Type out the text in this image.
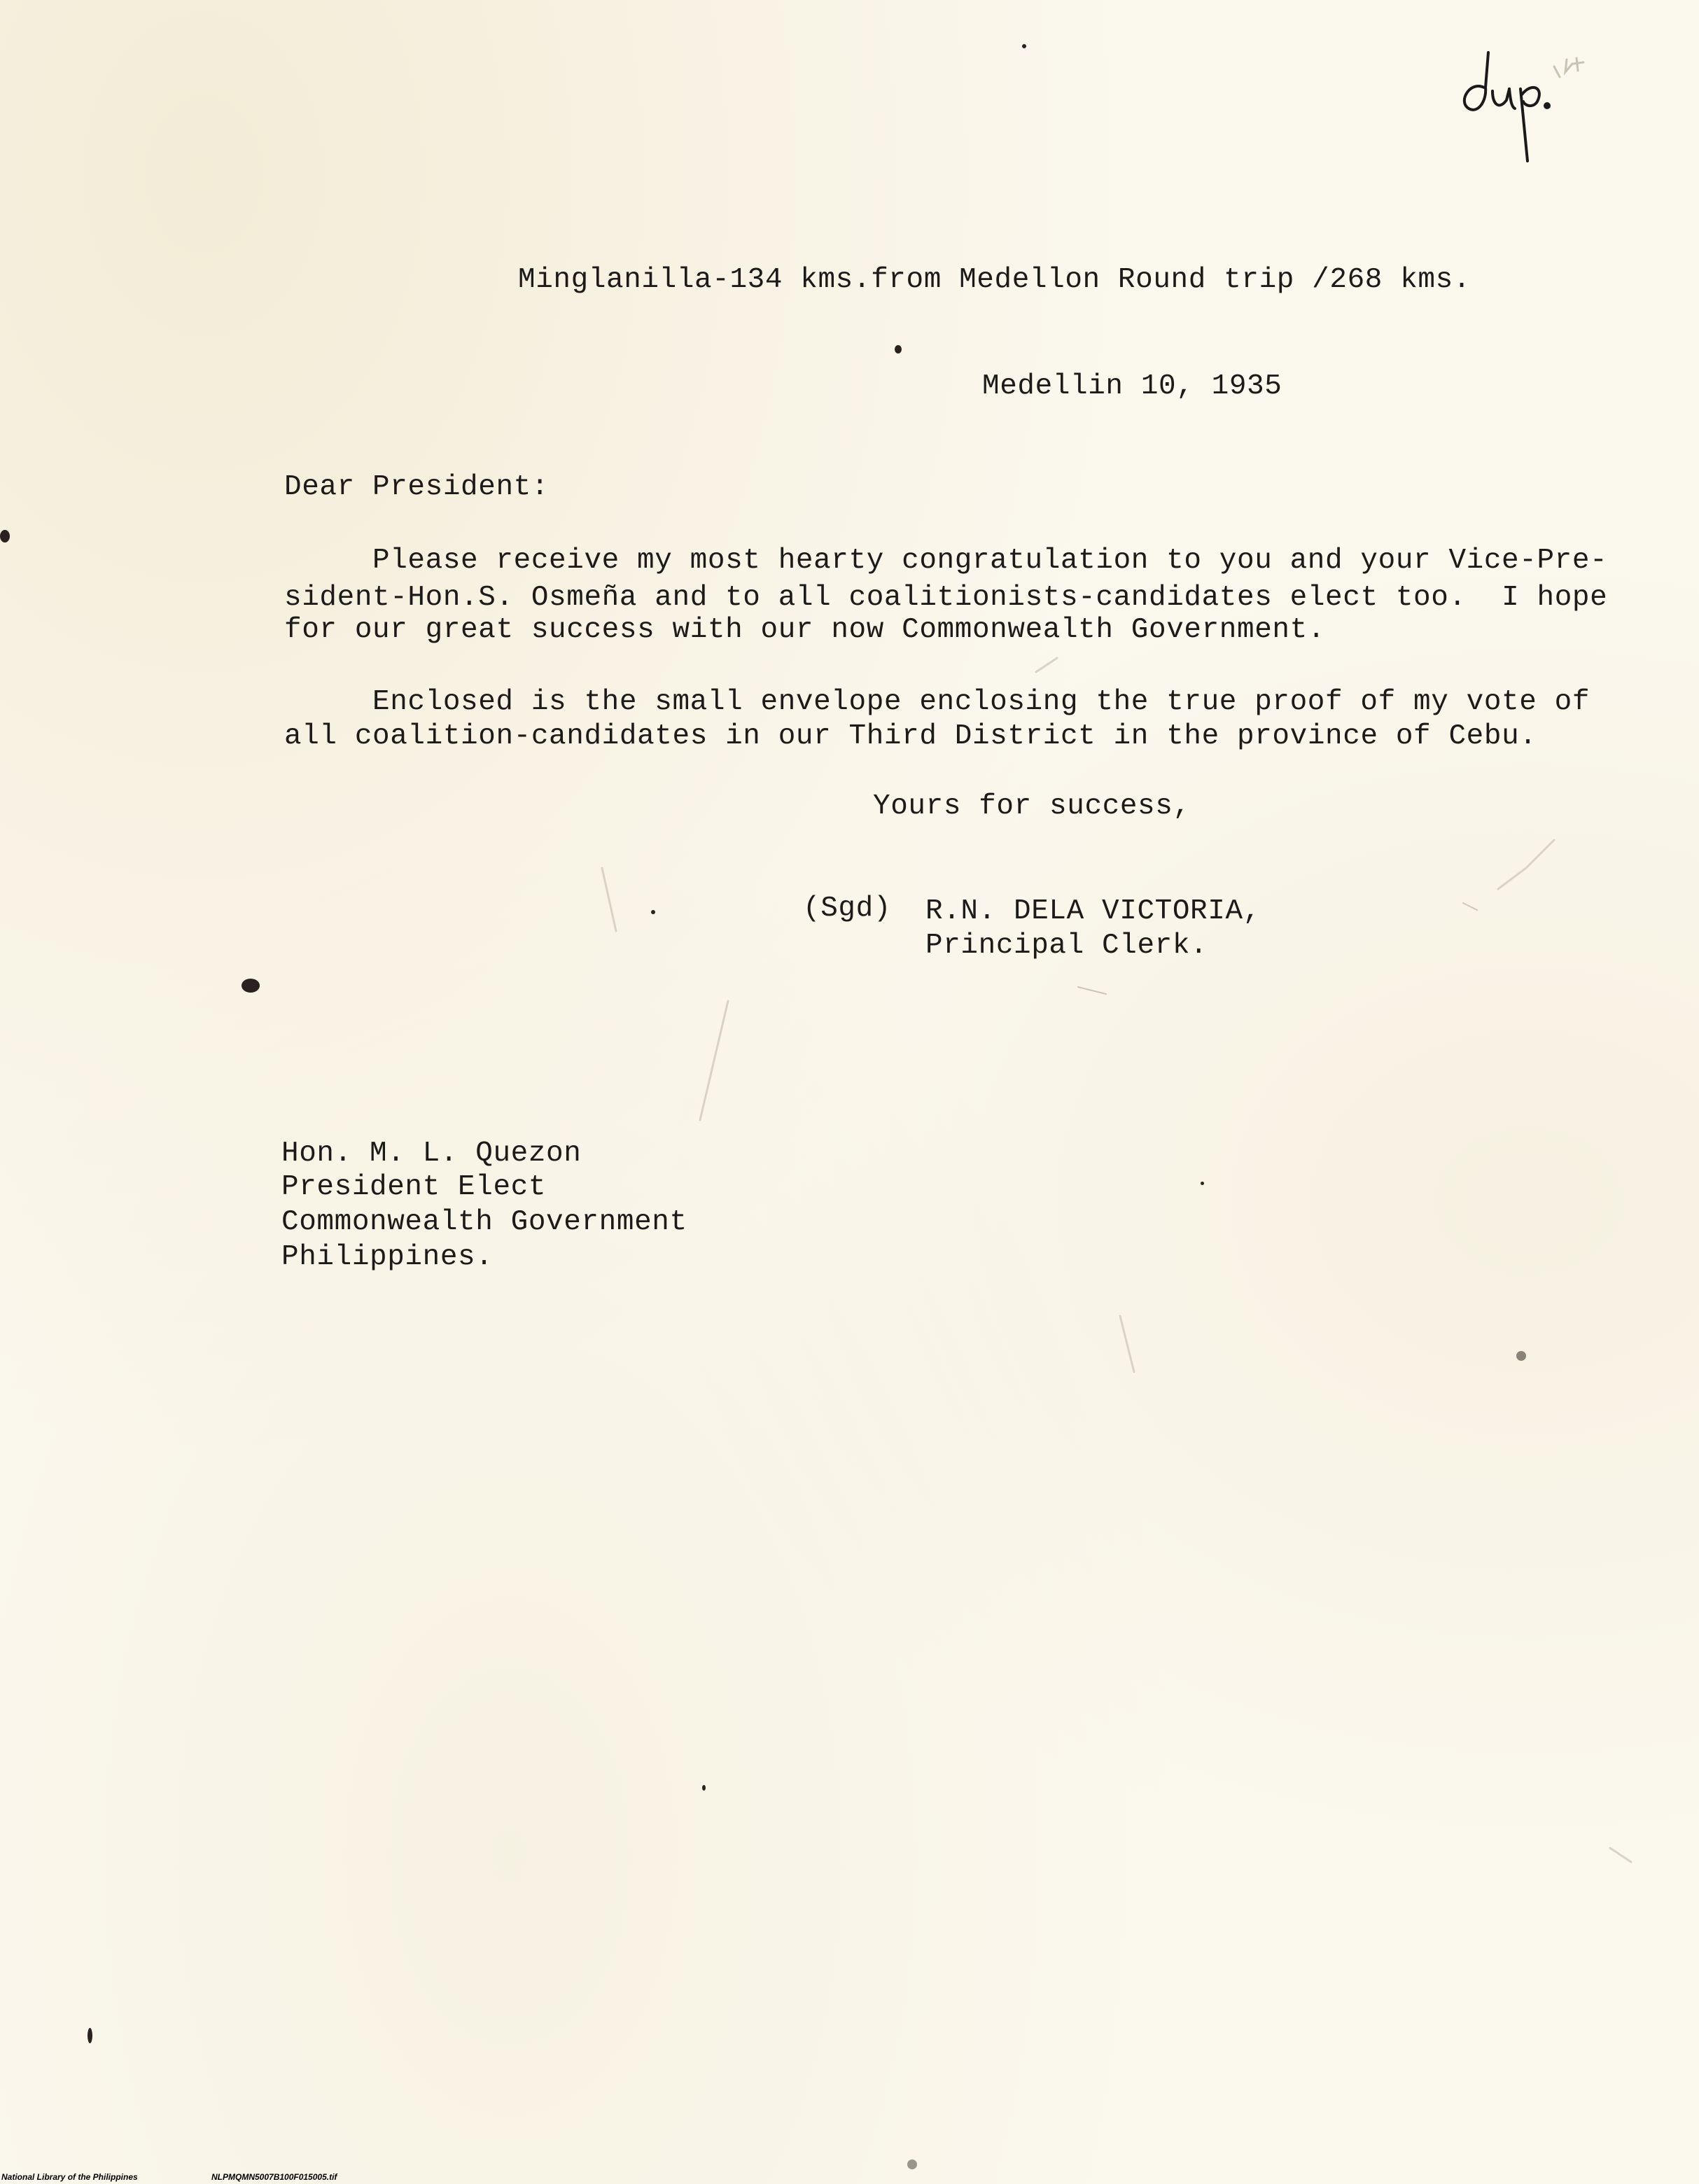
Minglanilla-134 kms.from Medellon Round trip /268 kms.
Medellin 10, 1935
Dear President:
Please receive my most hearty congratulation to you and your Vice-Pre-
sident-Hon.S. Osmeña and to all coalitionists-candidates elect too.  I hope
for our great success with our now Commonwealth Government.
Enclosed is the small envelope enclosing the true proof of my vote of
all coalition-candidates in our Third District in the province of Cebu.
Yours for success,
(Sgd) R.N. DELA VICTORIA,
Principal Clerk.
Hon. M. L. Quezon
President Elect
Commonwealth Government
Philippines.
National Library of the Philippines	NLPMQMN5007B100F015005.tif
